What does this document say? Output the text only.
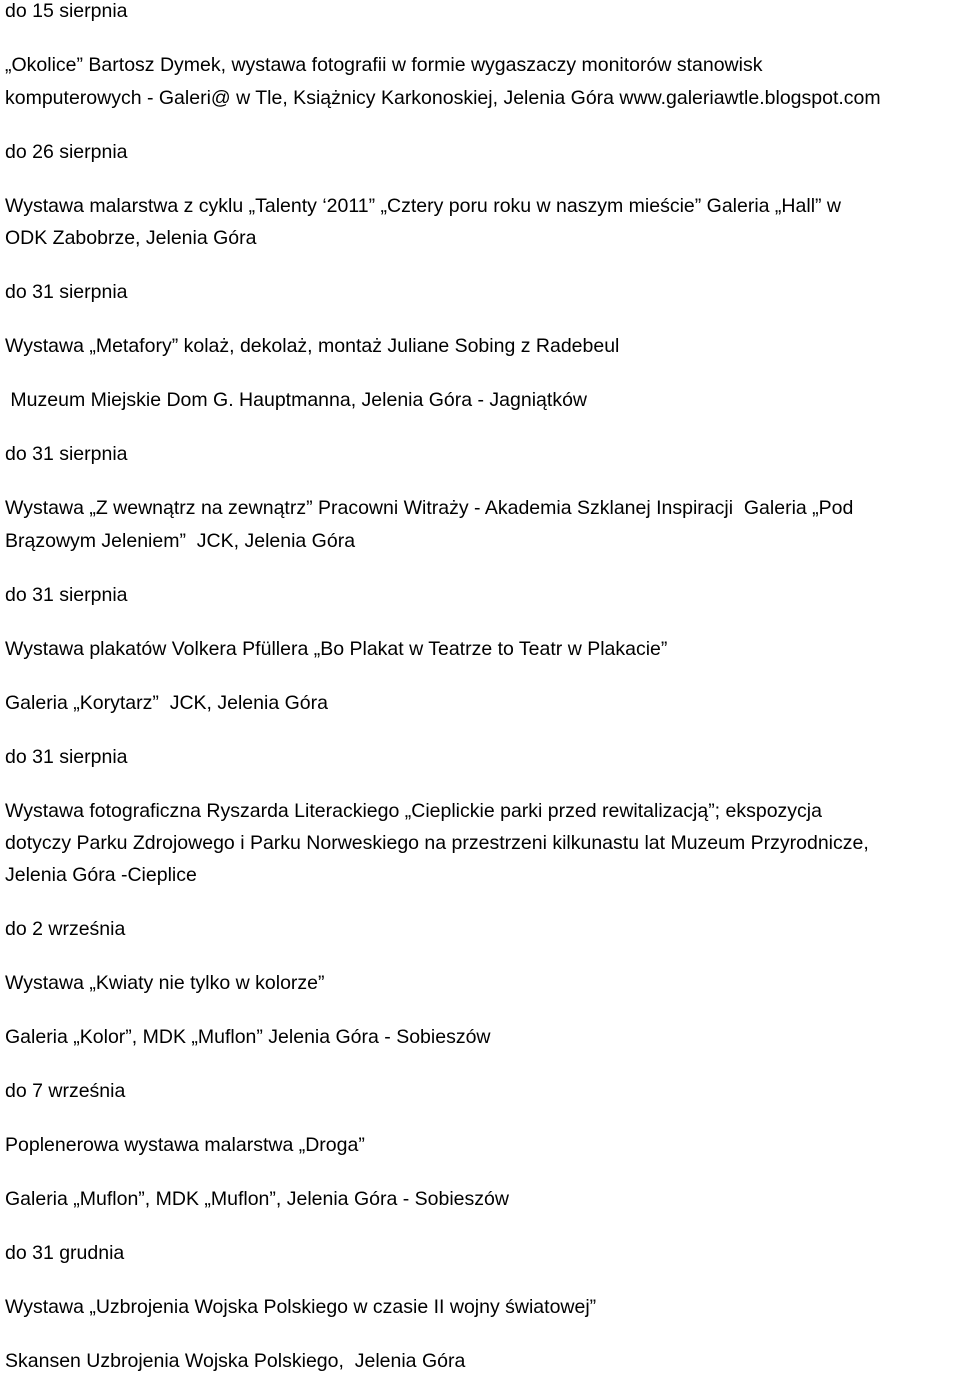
do 15 sierpnia

„Okolice” Bartosz Dymek, wystawa fotografii w formie wygaszaczy monitorów stanowisk

komputerowych - Galeri@ w Tle, Książnicy Karkonoskiej, Jelenia Góra www.galeriawtle.blogspot.com

do 26 sierpnia

Wystawa malarstwa z cyklu „Talenty ‘2011” „Cztery poru roku w naszym mieście” Galeria „Hall” w

ODK Zabobrze, Jelenia Góra

do 31 sierpnia

Wystawa „Metafory” kolaż, dekolaż, montaż Juliane Sobing z Radebeul

Muzeum Miejskie Dom G. Hauptmanna, Jelenia Góra - Jagniątków

do 31 sierpnia

Wystawa „Z wewnątrz na zewnątrz” Pracowni Witraży - Akademia Szklanej Inspiracji  Galeria „Pod

Brązowym Jeleniem”  JCK, Jelenia Góra

do 31 sierpnia

Wystawa plakatów Volkera Pfüllera „Bo Plakat w Teatrze to Teatr w Plakacie”

Galeria „Korytarz”  JCK, Jelenia Góra

do 31 sierpnia

Wystawa fotograficzna Ryszarda Literackiego „Cieplickie parki przed rewitalizacją”; ekspozycja

dotyczy Parku Zdrojowego i Parku Norweskiego na przestrzeni kilkunastu lat Muzeum Przyrodnicze,

Jelenia Góra -Cieplice

do 2 września

Wystawa „Kwiaty nie tylko w kolorze”

Galeria „Kolor”, MDK „Muflon” Jelenia Góra - Sobieszów

do 7 września

Poplenerowa wystawa malarstwa „Droga”

Galeria „Muflon”, MDK „Muflon”, Jelenia Góra - Sobieszów

do 31 grudnia

Wystawa „Uzbrojenia Wojska Polskiego w czasie II wojny światowej”

Skansen Uzbrojenia Wojska Polskiego,  Jelenia Góra
